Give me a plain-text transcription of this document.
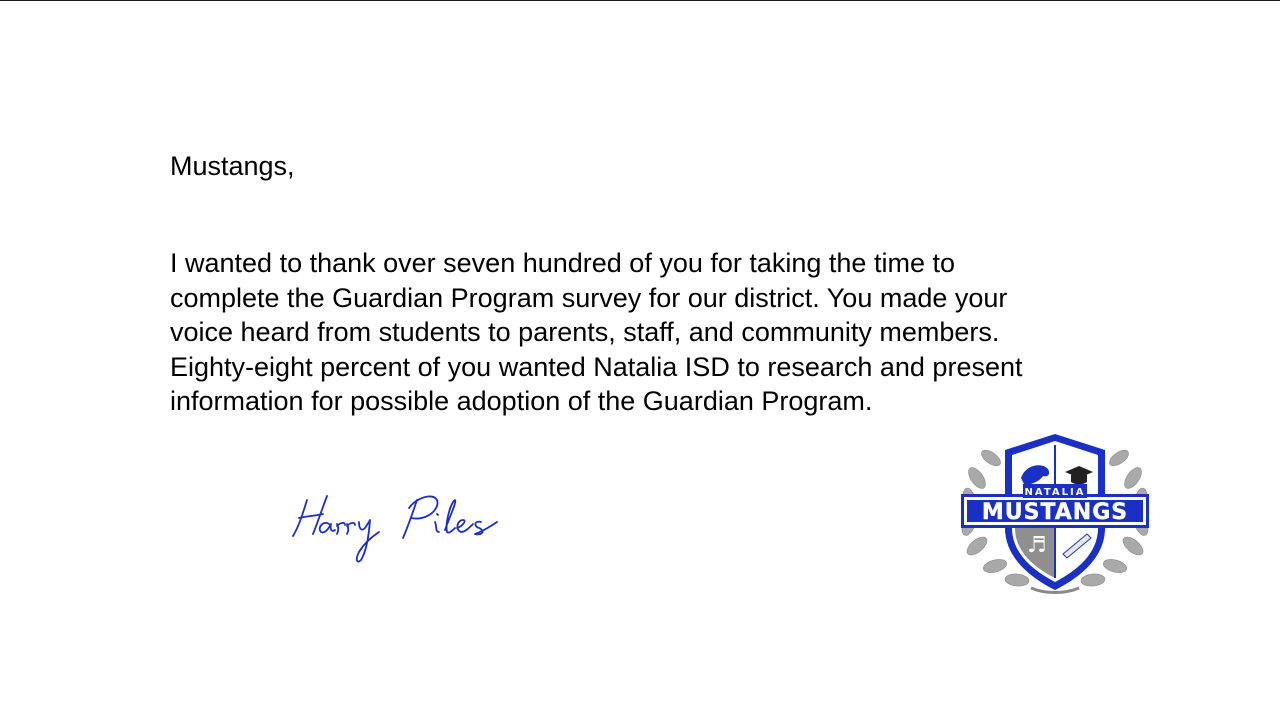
Mustangs,

I wanted to thank over seven hundred of you for taking the time to
complete the Guardian Program survey for our district. You made your
voice heard from students to parents, staff, and community members.
Eighty-eight percent of you wanted Natalia ISD to research and present
information for possible adoption of the Guardian Program.

♬
NATALIA
MUSTANGS
